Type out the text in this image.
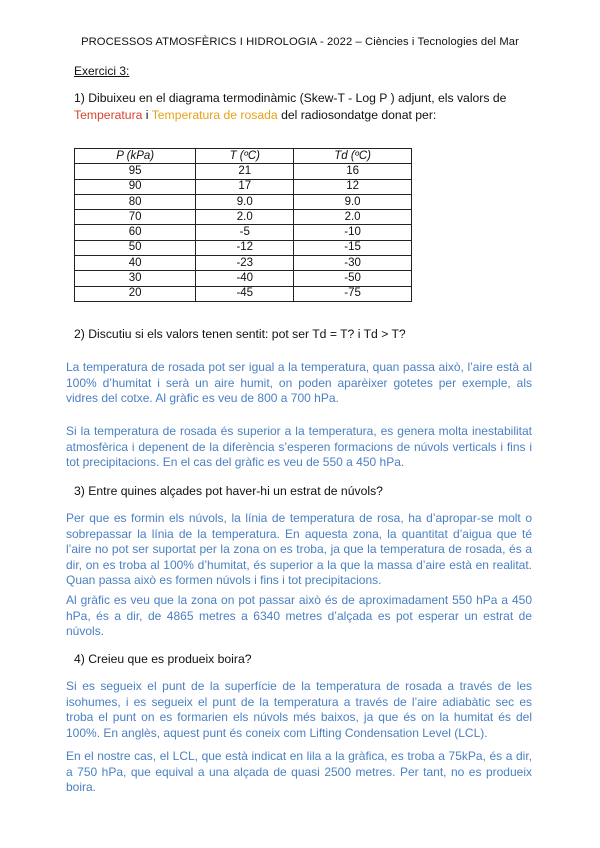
PROCESSOS ATMOSFÈRICS I HIDROLOGIA - 2022 – Ciències i Tecnologies del Mar
Exercici 3:
1) Dibuixeu en el diagrama termodinàmic (Skew-T - Log P ) adjunt, els valors de Temperatura i Temperatura de rosada del radiosondatge donat per:
P (kPa)	T (ºC)	Td (ºC)
95	21	16
90	17	12
80	9.0	9.0
70	2.0	2.0
60	-5	-10
50	-12	-15
40	-23	-30
30	-40	-50
20	-45	-75
2) Discutiu si els valors tenen sentit: pot ser Td = T? i Td > T?
La temperatura de rosada pot ser igual a la temperatura, quan passa això, l’aire està al 100% d’humitat i serà un aire humit, on poden aparèixer gotetes per exemple, als vidres del cotxe. Al gràfic es veu de 800 a 700 hPa.
Si la temperatura de rosada és superior a la temperatura, es genera molta inestabilitat atmosfèrica i depenent de la diferència s’esperen formacions de núvols verticals i fins i tot precipitacions. En el cas del gràfic es veu de 550 a 450 hPa.
3) Entre quines alçades pot haver-hi un estrat de núvols?
Per que es formin els núvols, la línia de temperatura de rosa, ha d’apropar-se molt o sobrepassar la línia de la temperatura. En aquesta zona, la quantitat d’aigua que té l’aire no pot ser suportat per la zona on es troba, ja que la temperatura de rosada, és a dir, on es troba al 100% d’humitat, és superior a la que la massa d’aire està en realitat. Quan passa això es formen núvols i fins i tot precipitacions.
Al gràfic es veu que la zona on pot passar això és de aproximadament 550 hPa a 450 hPa, és a dir, de 4865 metres a 6340 metres d’alçada es pot esperar un estrat de núvols.
4) Creieu que es produeix boira?
Si es segueix el punt de la superfície de la temperatura de rosada a través de les isohumes, i es segueix el punt de la temperatura a través de l’aire adiabàtic sec es troba el punt on es formarien els núvols més baixos, ja que és on la humitat és del 100%. En anglès, aquest punt és coneix com Lifting Condensation Level (LCL).
En el nostre cas, el LCL, que està indicat en lila a la gràfica, es troba a 75kPa, és a dir, a 750 hPa, que equival a una alçada de quasi 2500 metres. Per tant, no es produeix boira.
